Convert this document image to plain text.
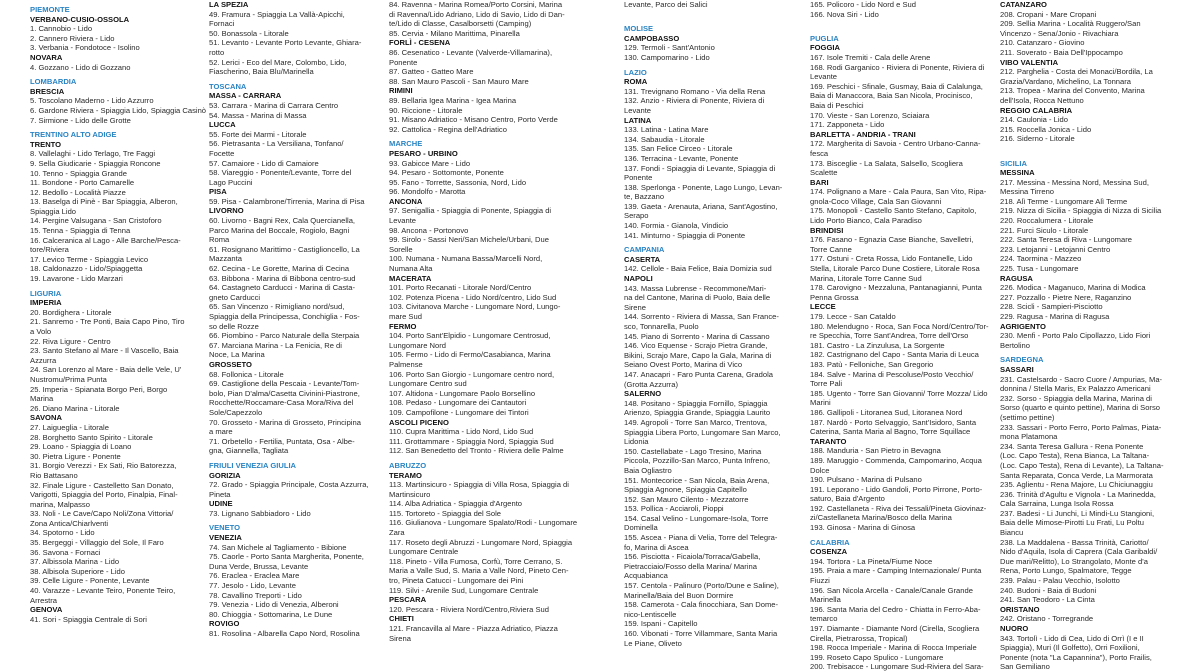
PIEMONTE
VERBANO-CUSIO-OSSOLA
1. Cannobio - Lido
2. Cannero Riviera - Lido
3. Verbania - Fondotoce - Isolino
NOVARA
4. Gozzano - Lido di Gozzano
LOMBARDIA
BRESCIA
5. Toscolano Maderno - Lido Azzurro
6. Gardone Riviera - Spiaggia Lido, Spiaggia Casinò
7. Sirmione - Lido delle Grotte
TRENTINO ALTO ADIGE
TRENTO
8. Vallelaghi - Lido Terlago, Tre Faggi
9. Sella Giudicarie - Spiaggia Roncone
10. Tenno - Spiaggia Grande
11. Bondone - Porto Camarelle
12. Bedollo - Località Piazze
13. Baselga di Pinè - Bar Spiaggia, Alberon,
Spiaggia Lido
14. Pergine Valsugana - San Cristoforo
15. Tenna - Spiaggia di Tenna
16. Calceranica al Lago - Alle Barche/Pesca-
tore/Riviera
17. Levico Terme - Spiaggia Levico
18. Caldonazzo - Lido/Spiaggetta
19. Lavarone - Lido Marzari
LIGURIA
IMPERIA
20. Bordighera - Litorale
21. Sanremo - Tre Ponti, Baia Capo Pino, Tiro
a Volo
22. Riva Ligure - Centro
23. Santo Stefano al Mare - Il Vascello, Baia
Azzurra
24. San Lorenzo al Mare - Baia delle Vele, U'
Nustromu/Prima Punta
25. Imperia - Spianata Borgo Peri, Borgo
Marina
26. Diano Marina - Litorale
SAVONA
27. Laigueglia - Litorale
28. Borghetto Santo Spirito - Litorale
29. Loano - Spiaggia di Loano
30. Pietra Ligure - Ponente
31. Borgio Verezzi - Ex Sati, Rio Batorezza,
Rio Battasano
32. Finale Ligure - Castelletto San Donato,
Varigotti, Spiaggia del Porto, Finalpia, Final-
marina, Malpasso
33. Noli - Le Cave/Capo Noli/Zona Vittoria/
Zona Antica/Chiarlventi
34. Spotorno - Lido
35. Bergeggi - Villaggio del Sole, Il Faro
36. Savona - Fornaci
37. Albissola Marina - Lido
38. Albisola Superiore - Lido
39. Celle Ligure - Ponente, Levante
40. Varazze - Levante Teiro, Ponente Teiro,
Arrestra
GENOVA
41. Sori - Spiaggia Centrale di Sori
LA SPEZIA
49. Framura - Spiaggia La Vallà-Apicchi,
Fornaci
50. Bonassola - Litorale
51. Levanto - Levante Porto Levante, Ghiara-
rotto
52. Lerici - Eco del Mare, Colombo, Lido,
Fiascherino, Baia Blu/Marinella
TOSCANA
MASSA - CARRARA
53. Carrara - Marina di Carrara Centro
54. Massa - Marina di Massa
LUCCA
55. Forte dei Marmi - Litorale
56. Pietrasanta - La Versiliana, Tonfano/
Focette
57. Camaiore - Lido di Camaiore
58. Viareggio - Ponente/Levante, Torre del
Lago Puccini
PISA
59. Pisa - Calambrone/Tirrenia, Marina di Pisa
LIVORNO
60. Livorno - Bagni Rex, Cala Quercianella,
Parco Marina del Boccale, Rogiolo, Bagni
Roma
61. Rosignano Marittimo - Castiglioncello, La
Mazzanta
62. Cecina - Le Gorette, Marina di Cecina
63. Bibbona - Marina di Bibbona centro-sud
64. Castagneto Carducci - Marina di Casta-
gneto Carducci
65. San Vincenzo - Rimigliano nord/sud,
Spiaggia della Principessa, Conchiglia - Fos-
so delle Rozze
66. Piombino - Parco Naturale della Sterpaia
67. Marciana Marina - La Fenicia, Re di
Noce, La Marina
GROSSETO
68. Follonica - Litorale
69. Castiglione della Pescaia - Levante/Tom-
bolo, Pian D'alma/Casetta Civinini-Piastrone,
Rocchette/Roccamare-Casa Mora/Riva del
Sole/Capezzolo
70. Grosseto - Marina di Grosseto, Principina
a mare
71. Orbetello - Fertilia, Puntata, Osa - Albe-
gna, Giannella, Tagliata
FRIULI VENEZIA GIULIA
GORIZIA
72. Grado - Spiaggia Principale, Costa Azzurra,
Pineta
UDINE
73. Lignano Sabbiadoro - Lido
VENETO
VENEZIA
74. San Michele al Tagliamento - Bibione
75. Caorle - Porto Santa Margherita, Ponente,
Duna Verde, Brussa, Levante
76. Eraclea - Eraclea Mare
77. Jesolo - Lido, Levante
78. Cavallino Treporti - Lido
79. Venezia - Lido di Venezia, Alberoni
80. Chioggia - Sottomarina, Le Dune
ROVIGO
81. Rosolina - Albarella Capo Nord, Rosolina
84. Ravenna - Marina Romea/Porto Corsini, Marina
di Ravenna/Lido Adriano, Lido di Savio, Lido di Dan-
te/Lido di Classe, Casalborsetti (Camping)
85. Cervia - Milano Marittima, Pinarella
FORLÌ - CESENA
86. Cesenatico - Levante (Valverde-Villamarina),
Ponente
87. Gatteo - Gatteo Mare
88. San Mauro Pascoli - San Mauro Mare
RIMINI
89. Bellaria Igea Marina - Igea Marina
90. Riccione - Litorale
91. Misano Adriatico - Misano Centro, Porto Verde
92. Cattolica - Regina dell'Adriatico
MARCHE
PESARO - URBINO
93. Gabicce Mare - Lido
94. Pesaro - Sottomonte, Ponente
95. Fano - Torrette, Sassonia, Nord, Lido
96. Mondolfo - Marotta
ANCONA
97. Senigallia - Spiaggia di Ponente, Spiaggia di
Levante
98. Ancona - Portonovo
99. Sirolo - Sassi Neri/San Michele/Urbani, Due
Sorelle
100. Numana - Numana Bassa/Marcelli Nord,
Numana Alta
MACERATA
101. Porto Recanati - Litorale Nord/Centro
102. Potenza Picena - Lido Nord/centro, Lido Sud
103. Civitanova Marche - Lungomare Nord, Lungo-
mare Sud
FERMO
104. Porto Sant'Elpidio - Lungomare Centrosud,
Lungomare Nord
105. Fermo - Lido di Fermo/Casabianca, Marina
Palmense
106. Porto San Giorgio - Lungomare centro nord,
Lungomare Centro sud
107. Altidona - Lungomare Paolo Borsellino
108. Pedaso - Lungomare dei Cantautori
109. Campofilone - Lungomare dei Tintori
ASCOLI PICENO
110. Cupra Marittima - Lido Nord, Lido Sud
111. Grottammare - Spiaggia Nord, Spiaggia Sud
112. San Benedetto del Tronto - Riviera delle Palme
ABRUZZO
TERAMO
113. Martinsicuro - Spiaggia di Villa Rosa, Spiaggia di
Martinsicuro
114. Alba Adriatica - Spiaggia d'Argento
115. Tortoreto - Spiaggia del Sole
116. Giulianova - Lungomare Spalato/Rodi - Lungomare
Zara
117. Roseto degli Abruzzi - Lungomare Nord, Spiaggia
Lungomare Centrale
118. Pineto - Villa Fumosa, Corfù, Torre Cerrano, S.
Maria a Valle Sud, S. Maria a Valle Nord, Pineto Cen-
tro, Pineta Catucci - Lungomare dei Pini
119. Silvi - Arenile Sud, Lungomare Centrale
PESCARA
120. Pescara - Riviera Nord/Centro,Riviera Sud
CHIETI
121. Francavilla al Mare - Piazza Adriatico, Piazza
Sirena
Levante, Parco dei Salici
MOLISE
CAMPOBASSO
129. Termoli - Sant'Antonio
130. Campomarino - Lido
LAZIO
ROMA
131. Trevignano Romano - Via della Rena
132. Anzio - Riviera di Ponente, Riviera di
Levante
LATINA
133. Latina - Latina Mare
134. Sabaudia - Litorale
135. San Felice Circeo - Litorale
136. Terracina - Levante, Ponente
137. Fondi - Spiaggia di Levante, Spiaggia di
Ponente
138. Sperlonga - Ponente, Lago Lungo, Levan-
te, Bazzano
139. Gaeta - Arenauta, Ariana, Sant'Agostino,
Serapo
140. Formia - Gianola, Vindicio
141. Minturno - Spiaggia di Ponente
CAMPANIA
CASERTA
142. Cellole - Baia Felice, Baia Domizia sud
NAPOLI
143. Massa Lubrense - Recommone/Mari-
na del Cantone, Marina di Puolo, Baia delle
Sirene
144. Sorrento - Riviera di Massa, San France-
sco, Tonnarella, Puolo
145. Piano di Sorrento - Marina di Cassano
146. Vico Equense - Scrajo Pietra Grande,
Bikini, Scrajo Mare, Capo la Gala, Marina di
Seiano Ovest Porto, Marina di Vico
147. Anacapri - Faro Punta Carena, Gradola
(Grotta Azzurra)
SALERNO
148. Positano - Spiaggia Fornillo, Spiaggia
Arienzo, Spiaggia Grande, Spiaggia Laurito
149. Agropoli - Torre San Marco, Trentova,
Spiaggia Libera Porto, Lungomare San Marco,
Lidonia
150. Castellabate - Lago Tresino, Marina
Piccola, Pozzillo-San Marco, Punta Infreno,
Baia Ogliastro
151. Montecorice - San Nicola, Baia Arena,
Spiaggia Agnone, Spiaggia Capitello
152. San Mauro Cilento - Mezzatorre
153. Pollica - Acciaroli, Pioppi
154. Casal Velino - Lungomare-Isola, Torre
Dominella
155. Ascea - Piana di Velia, Torre del Telegra-
fo, Marina di Ascea
156. Pisciotta - Ficaiola/Torraca/Gabella,
Pietracciaio/Fosso della Marina/ Marina
Acquabianca
157. Centola - Palinuro (Porto/Dune e Saline),
Marinella/Baia del Buon Dormire
158. Camerota - Cala finocchiara, San Dome-
nico-Lentiscelle
159. Ispani - Capitello
160. Vibonati - Torre Villammare, Santa Maria
Le Piane, Oliveto
165. Policoro - Lido Nord e Sud
166. Nova Siri - Lido
PUGLIA
FOGGIA
167. Isole Tremiti - Cala delle Arene
168. Rodi Garganico - Riviera di Ponente, Riviera di
Levante
169. Peschici - Sfinale, Gusmay, Baia di Calalunga,
Baia di Manaccora, Baia San Nicola, Procinisco,
Baia di Peschici
170. Vieste - San Lorenzo, Sciaiara
171. Zapponeta - Lido
BARLETTA - ANDRIA - TRANI
172. Margherita di Savoia - Centro Urbano-Canna-
fesca
173. Bisceglie - La Salata, Salsello, Scogliera
Scalette
BARI
174. Polignano a Mare - Cala Paura, San Vito, Ripa-
gnola-Coco Village, Cala San Giovanni
175. Monopoli - Castello Santo Stefano, Capitolo,
Lido Porto Bianco, Cala Paradiso
BRINDISI
176. Fasano - Egnazia Case Bianche, Savelletri,
Torre Canne
177. Ostuni - Creta Rossa, Lido Fontanelle, Lido
Stella, Litorale Parco Dune Costiere, Litorale Rosa
Marina, Litorale Torre Canne Sud
178. Carovigno - Mezzaluna, Pantanagianni, Punta
Penna Grossa
LECCE
179. Lecce - San Cataldo
180. Melendugno - Roca, San Foca Nord/Centro/Tor-
re Specchia, Torre Sant'Andrea, Torre dell'Orso
181. Castro - La Zinzulusa, La Sorgente
182. Castrignano del Capo - Santa Maria di Leuca
183. Patù - Felloniche, San Gregorio
184. Salve - Marina di Pescoluse/Posto Vecchio/
Torre Pali
185. Ugento - Torre San Giovanni/ Torre Mozza/ Lido
Marini
186. Gallipoli - Litoranea Sud, Litoranea Nord
187. Nardò - Porto Selvaggio, Sant'Isidoro, Santa
Caterina, Santa Maria al Bagno, Torre Squillace
TARANTO
188. Manduria - San Pietro in Bevagna
189. Maruggio - Commenda, Campomarino, Acqua
Dolce
190. Pulsano - Marina di Pulsano
191. Leporano - Lido Gandoli, Porto Pirrone, Porto-
saturo, Baia d'Argento
192. Castellaneta - Riva dei Tessali/Pineta Giovinaz-
zi/Castellaneta Marina/Bosco della Marina
193. Ginosa - Marina di Ginosa
CALABRIA
COSENZA
194. Tortora - La Pineta/Fiume Noce
195. Praia a mare - Camping Internazionale/ Punta
Fiuzzi
196. San Nicola Arcella - Canale/Canale Grande
Marinella
196. Santa Maria del Cedro - Chiatta in Ferro-Aba-
temarco
197. Diamante - Diamante Nord (Cirella, Scogliera
Cirella, Pietrarossa, Tropical)
198. Rocca Imperiale - Marina di Rocca Imperiale
199. Roseto Capo Spulico - Lungomare
200. Trebisacce - Lungomare Sud-Riviera del Sara-
CATANZARO
208. Cropani - Mare Cropani
209. Sellia Marina - Località Ruggero/San
Vincenzo - Sena/Jonio - Rivachiara
210. Catanzaro - Giovino
211. Soverato - Baia Dell'Ippocampo
VIBO VALENTIA
212. Parghelia - Costa dei Monaci/Bordila, La
Grazia/Vardano, Michelino, La Tonnara
213. Tropea - Marina del Convento, Marina
dell'Isola, Rocca Nettuno
REGGIO CALABRIA
214. Caulonia - Lido
215. Roccella Jonica - Lido
216. Siderno - Litorale
SICILIA
MESSINA
217. Messina - Messina Nord, Messina Sud,
Messina Tirreno
218. Alì Terme - Lungomare Alì Terme
219. Nizza di Sicilia - Spiaggia di Nizza di Sicilia
220. Roccalumera - Litorale
221. Furci Siculo - Litorale
222. Santa Teresa di Riva - Lungomare
223. Letojanni - Letojanni Centro
224. Taormina - Mazzeo
225. Tusa - Lungomare
RAGUSA
226. Modica - Maganuco, Marina di Modica
227. Pozzallo - Pietre Nere, Raganzino
228. Scicli - Sampieri-Pisciotto
229. Ragusa - Marina di Ragusa
AGRIGENTO
230. Menfi - Porto Palo Cipollazzo, Lido Fiori
Bertolino
SARDEGNA
SASSARI
231. Castelsardo - Sacro Cuore / Ampurias, Ma-
donnina / Stella Maris, Ex Palazzo Americani
232. Sorso - Spiaggia della Marina, Marina di
Sorso (quarto e quinto pettine), Marina di Sorso
(settimo pettine)
233. Sassari - Porto Ferro, Porto Palmas, Piata-
mona Platamona
234. Santa Teresa Gallura - Rena Ponente
(Loc. Capo Testa), Rena Bianca, La Taltana-
(Loc. Capo Testa), Rena di Levante), La Taltana-
Santa Reparata, Conca Verde, La Marmorata
235. Aglientu - Rena Majore, Lu Chiciunaggiu
236. Trinità d'Agultu e Vignola - La Marinedda,
Cala Sarraina, Lunga Isola Rossa
237. Badesi - Li Junchi, Li Mindi-Lu Stangioni,
Baia delle Mimose-Pirotti Lu Frati, Lu Poltu
Biancu
238. La Maddalena - Bassa Trinità, Cariotto/
Nido d'Aquila, Isola di Caprera (Cala Garibaldi/
Due mari/Relitto), Lo Strangolato, Monte d'a
Rena, Porto Lungo, Spalmatore, Tegge
239. Palau - Palau Vecchio, Isolotto
240. Budoni - Baia di Budoni
241. San Teodoro - La Cinta
ORISTANO
242. Oristano - Torregrande
NUORO
343. Tortolì - Lido di Cea, Lido di Orrì (I e II
Spiaggia), Muri (Il Golfetto), Orri Foxilioni,
Ponente (nota "La Capannina"), Porto Frailis,
San Gemiliano
